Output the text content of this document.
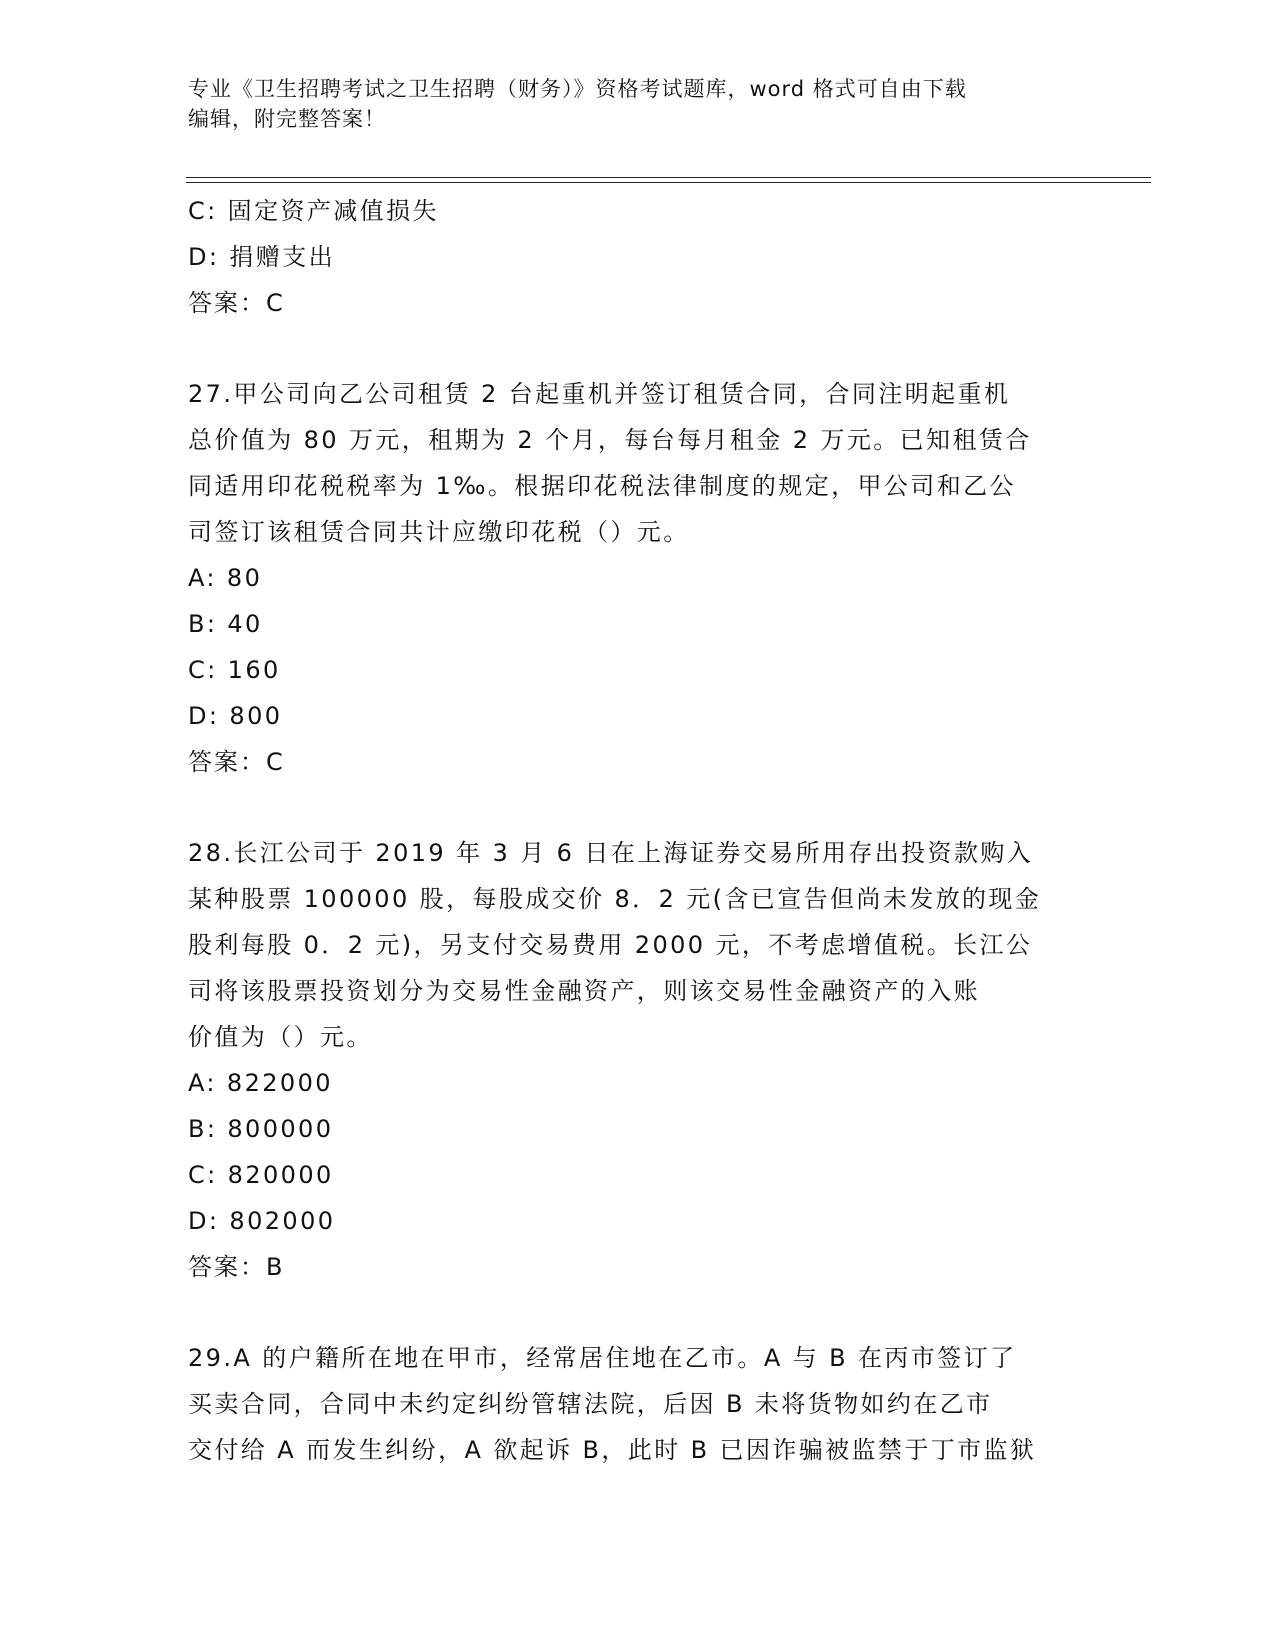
专业《卫生招聘考试之卫生招聘（财务）》资格考试题库，word 格式可自由下载
编辑，附完整答案！
C: 固定资产减值损失
D: 捐赠支出
答案：C
27.甲公司向乙公司租赁 2 台起重机并签订租赁合同，合同注明起重机
总价值为 80 万元，租期为 2 个月，每台每月租金 2 万元。已知租赁合
同适用印花税税率为 1‰。根据印花税法律制度的规定，甲公司和乙公
司签订该租赁合同共计应缴印花税（）元。
A: 80
B: 40
C: 160
D: 800
答案：C
28.长江公司于 2019 年 3 月 6 日在上海证券交易所用存出投资款购入
某种股票 100000 股，每股成交价 8．2 元(含已宣告但尚未发放的现金
股利每股 0．2 元)，另支付交易费用 2000 元，不考虑增值税。长江公
司将该股票投资划分为交易性金融资产，则该交易性金融资产的入账
价值为（）元。
A: 822000
B: 800000
C: 820000
D: 802000
答案：B
29.A 的户籍所在地在甲市，经常居住地在乙市。A 与 B 在丙市签订了
买卖合同，合同中未约定纠纷管辖法院，后因 B 未将货物如约在乙市
交付给 A 而发生纠纷，A 欲起诉 B，此时 B 已因诈骗被监禁于丁市监狱
